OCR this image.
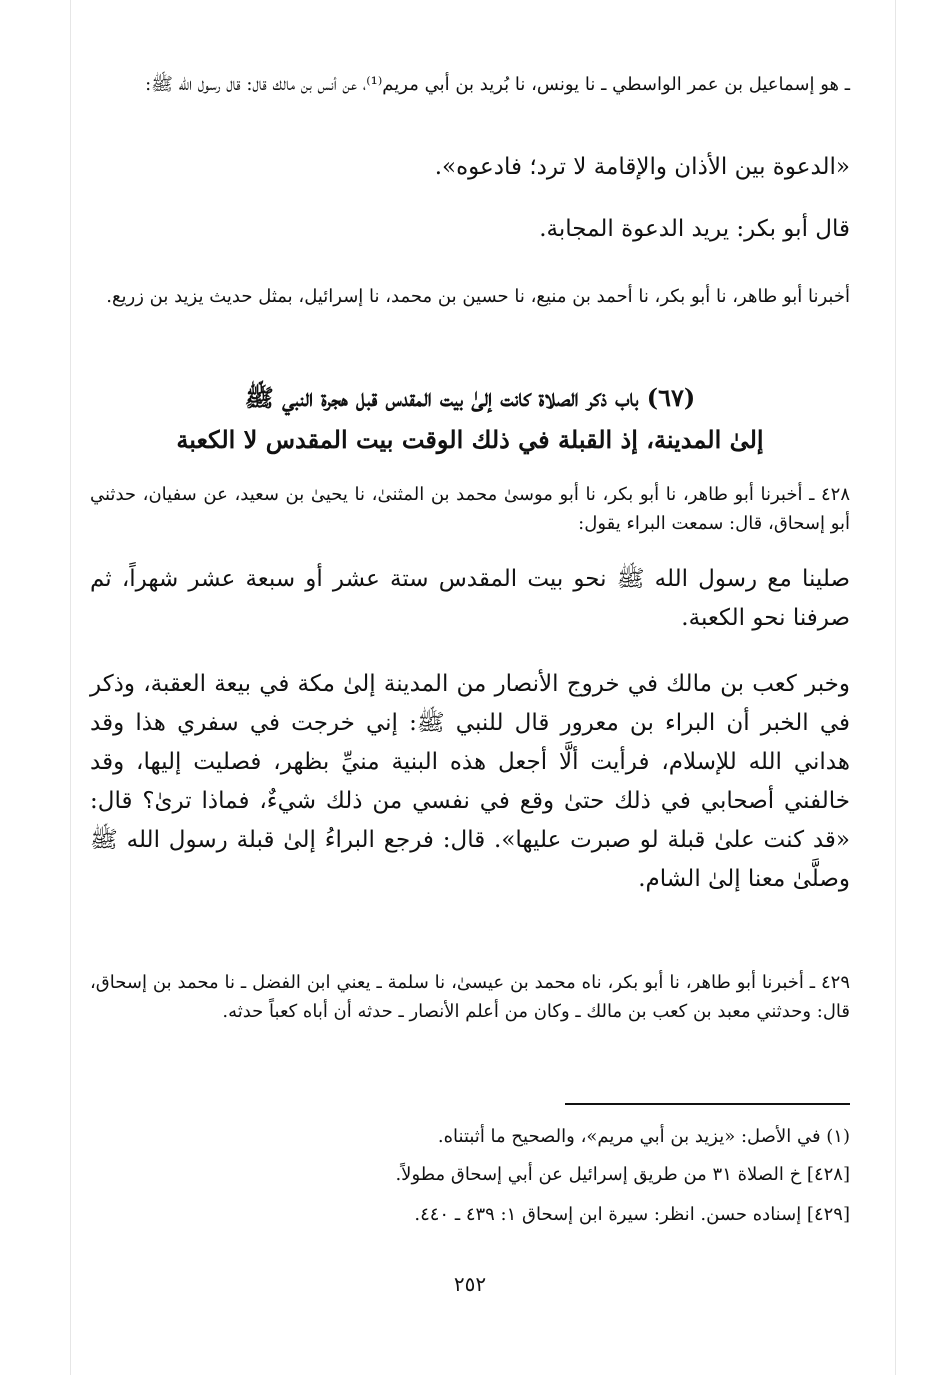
ـ هو إسماعيل بن عمر الواسطي ـ نا يونس، نا بُريد بن أبي مريم⁽¹⁾، عن أنس بن مالك قال: قال رسول الله ﷺ:
«الدعوة بين الأذان والإقامة لا ترد؛ فادعوه».
قال أبو بكر: يريد الدعوة المجابة.
أخبرنا أبو طاهر، نا أبو بكر، نا أحمد بن منيع، نا حسين بن محمد، نا إسرائيل، بمثل حديث يزيد بن زريع.
(٦٧) باب ذكر الصلاة كانت إلىٰ بيت المقدس قبل هجرة النبي ﷺ
إلىٰ المدينة، إذ القبلة في ذلك الوقت بيت المقدس لا الكعبة
٤٢٨ ـ أخبرنا أبو طاهر، نا أبو بكر، نا أبو موسىٰ محمد بن المثنىٰ، نا يحيىٰ بن سعيد، عن سفيان، حدثني أبو إسحاق، قال: سمعت البراء يقول:
صلينا مع رسول الله ﷺ نحو بيت المقدس ستة عشر أو سبعة عشر شهراً، ثم صرفنا نحو الكعبة.
وخبر كعب بن مالك في خروج الأنصار من المدينة إلىٰ مكة في بيعة العقبة، وذكر في الخبر أن البراء بن معرور قال للنبي ﷺ: إني خرجت في سفري هذا وقد هداني الله للإسلام، فرأيت ألَّا أجعل هذه البنية منيِّ بظهر، فصليت إليها، وقد خالفني أصحابي في ذلك حتىٰ وقع في نفسي من ذلك شيءٌ، فماذا ترىٰ؟ قال: «قد كنت علىٰ قبلة لو صبرت عليها». قال: فرجع البراءُ إلىٰ قبلة رسول الله ﷺ وصلَّىٰ معنا إلىٰ الشام.
٤٢٩ ـ أخبرنا أبو طاهر، نا أبو بكر، ناه محمد بن عيسىٰ، نا سلمة ـ يعني ابن الفضل ـ نا محمد بن إسحاق، قال: وحدثني معبد بن كعب بن مالك ـ وكان من أعلم الأنصار ـ حدثه أن أباه كعباً حدثه.
(١) في الأصل: «يزيد بن أبي مريم»، والصحيح ما أثبتناه.
[٤٢٨] خ الصلاة ٣١ من طريق إسرائيل عن أبي إسحاق مطولاً.
[٤٢٩] إسناده حسن. انظر: سيرة ابن إسحاق ١: ٤٣٩ ـ ٤٤٠.
٢٥٢
